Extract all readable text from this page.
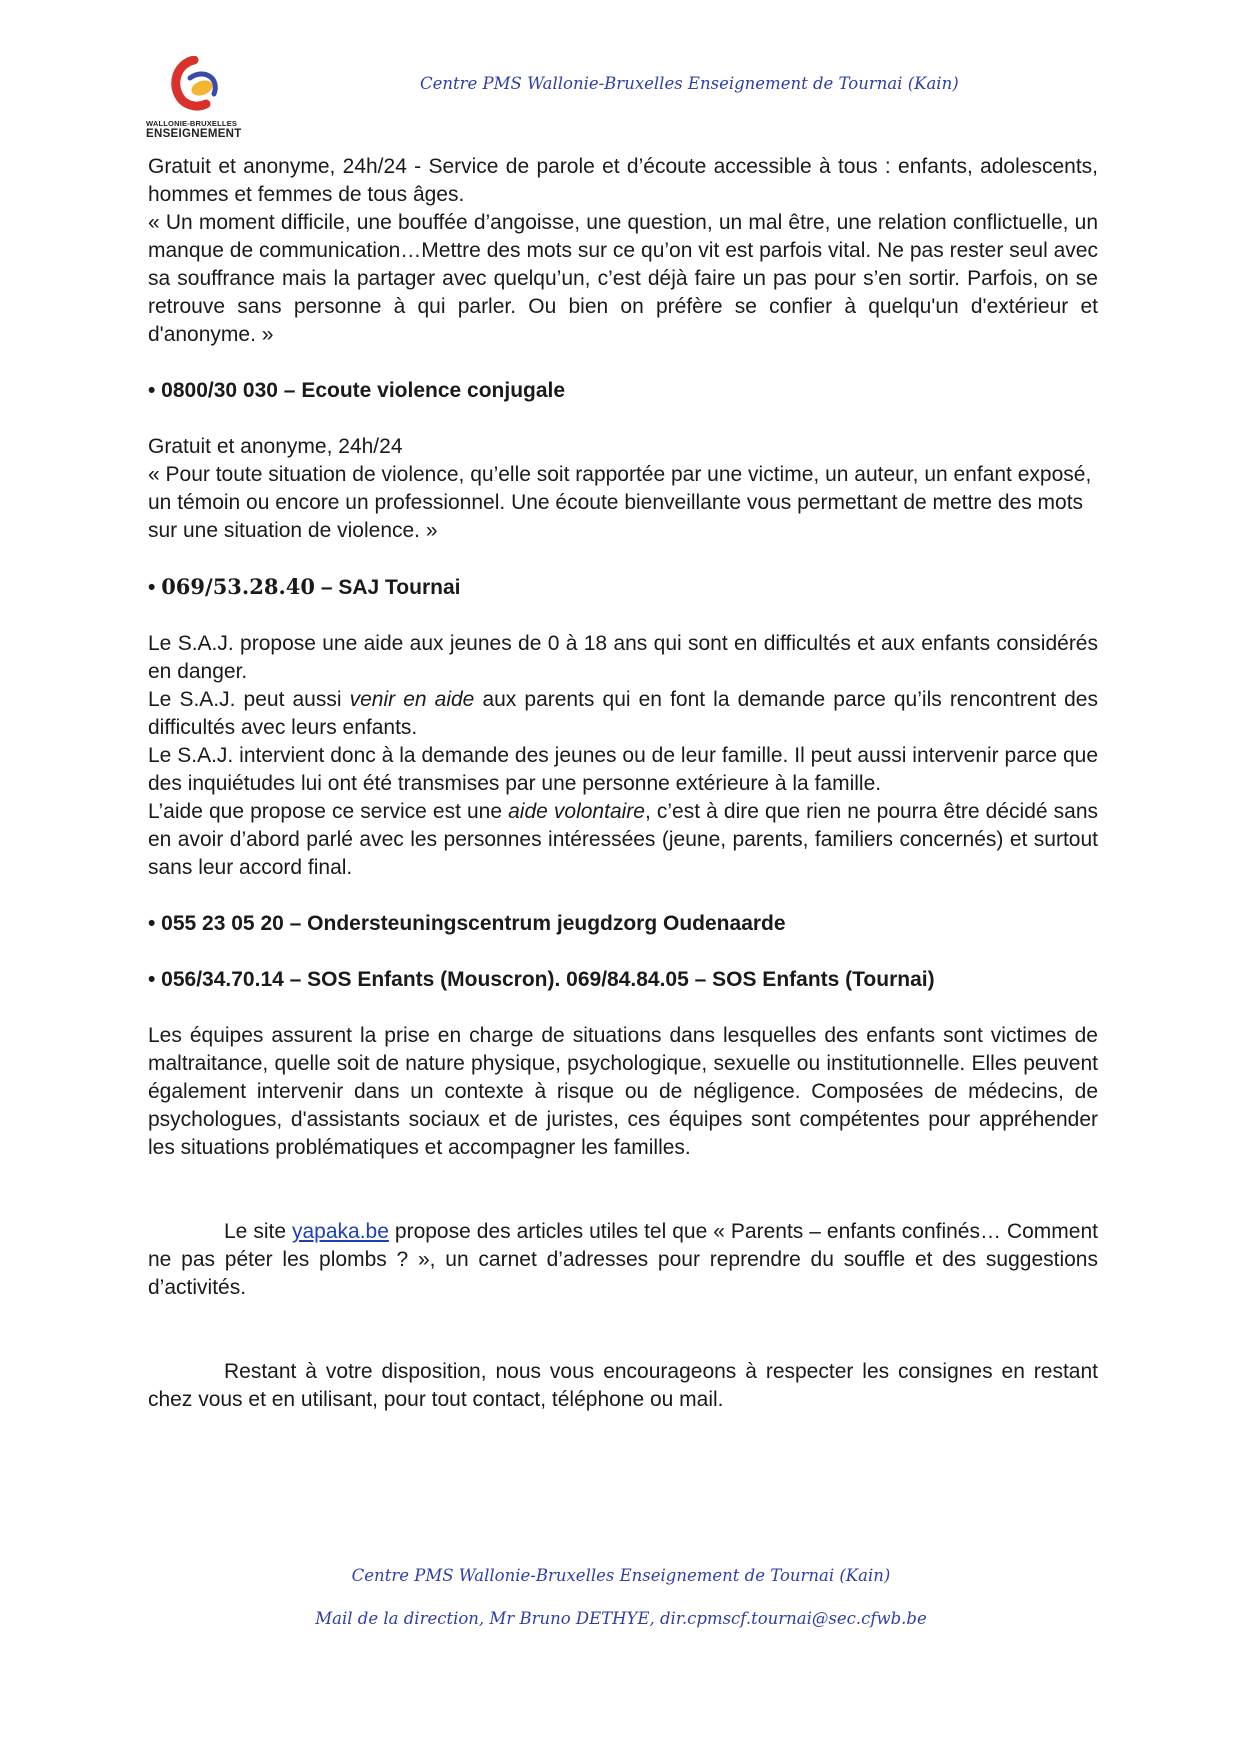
WALLONIE-BRUXELLES
ENSEIGNEMENT
Centre PMS Wallonie-Bruxelles Enseignement de Tournai (Kain)

Gratuit et anonyme, 24h/24 - Service de parole et d’écoute accessible à tous : enfants, adolescents, hommes et femmes de tous âges.

« Un moment difficile, une bouffée d’angoisse, une question, un mal être, une relation conflictuelle, un manque de communication…Mettre des mots sur ce qu’on vit est parfois vital. Ne pas rester seul avec sa souffrance mais la partager avec quelqu’un, c’est déjà faire un pas pour s’en sortir. Parfois, on se retrouve sans personne à qui parler. Ou bien on préfère se confier à quelqu'un d'extérieur et d'anonyme. »

• 0800/30 030 – Ecoute violence conjugale

Gratuit et anonyme, 24h/24

« Pour toute situation de violence, qu’elle soit rapportée par une victime, un auteur, un enfant exposé, un témoin ou encore un professionnel. Une écoute bienveillante vous permettant de mettre des mots sur une situation de violence. »

• 069/53.28.40 – SAJ Tournai

Le S.A.J. propose une aide aux jeunes de 0 à 18 ans qui sont en difficultés et aux enfants considérés en danger.

Le S.A.J. peut aussi venir en aide aux parents qui en font la demande parce qu’ils rencontrent des difficultés avec leurs enfants.

Le S.A.J. intervient donc à la demande des jeunes ou de leur famille. Il peut aussi intervenir parce que des inquiétudes lui ont été transmises par une personne extérieure à la famille.

L’aide que propose ce service est une aide volontaire, c’est à dire que rien ne pourra être décidé sans en avoir d’abord parlé avec les personnes intéressées (jeune, parents, familiers concernés) et surtout sans leur accord final.

• 055 23 05 20 – Ondersteuningscentrum jeugdzorg Oudenaarde

• 056/34.70.14 – SOS Enfants (Mouscron). 069/84.84.05 – SOS Enfants (Tournai)

Les équipes assurent la prise en charge de situations dans lesquelles des enfants sont victimes de maltraitance, quelle soit de nature physique, psychologique, sexuelle ou institutionnelle. Elles peuvent également intervenir dans un contexte à risque ou de négligence. Composées de médecins, de psychologues, d'assistants sociaux et de juristes, ces équipes sont compétentes pour appréhender les situations problématiques et accompagner les familles.

Le site yapaka.be propose des articles utiles tel que « Parents – enfants confinés… Comment ne pas péter les plombs ? », un carnet d’adresses pour reprendre du souffle et des suggestions d’activités.

Restant à votre disposition, nous vous encourageons à respecter les consignes en restant chez vous et en utilisant, pour tout contact, téléphone ou mail.

Centre PMS Wallonie-Bruxelles Enseignement de Tournai (Kain)
Mail de la direction, Mr Bruno DETHYE, dir.cpmscf.tournai@sec.cfwb.be
